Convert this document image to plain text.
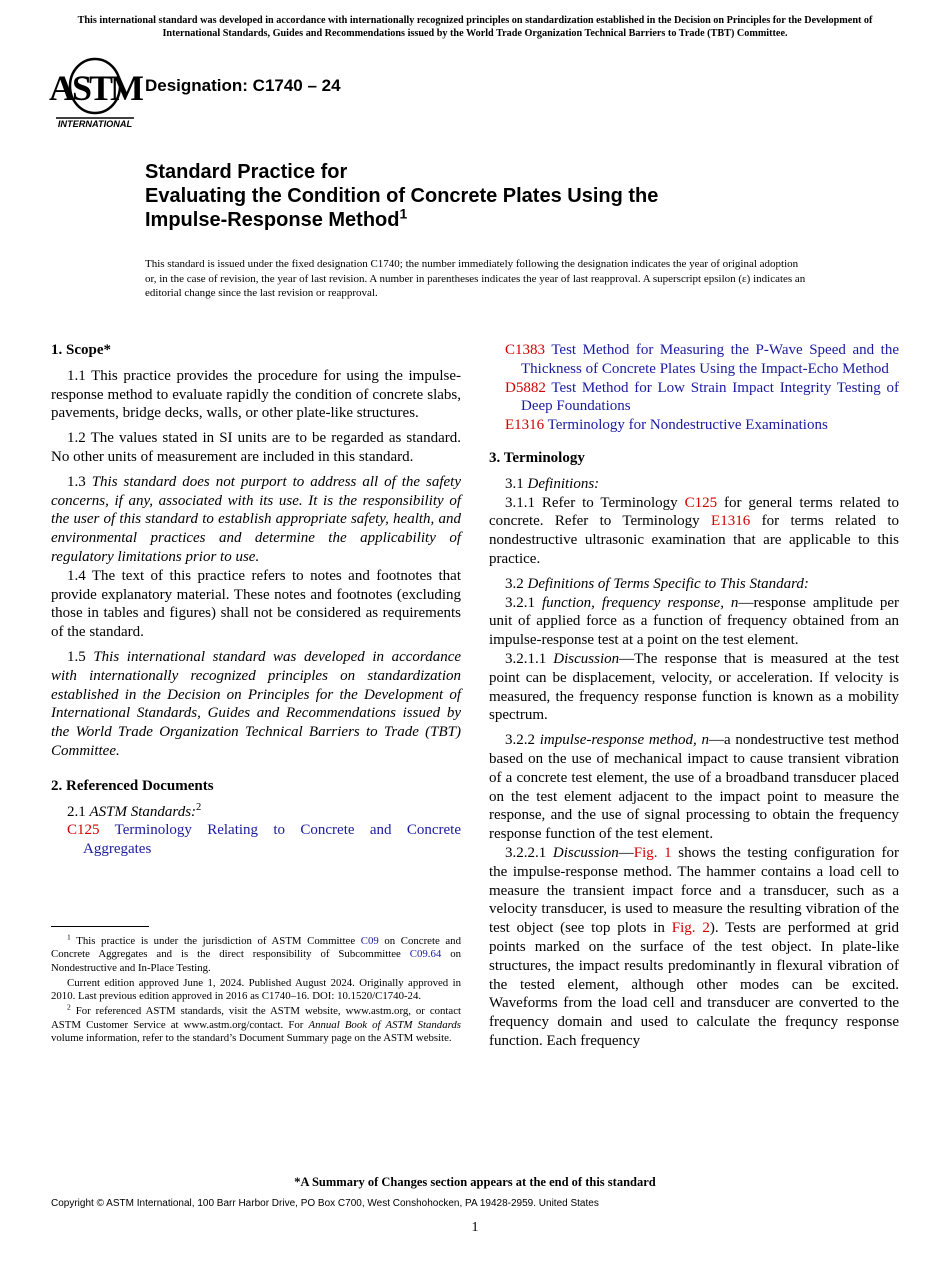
This international standard was developed in accordance with internationally recognized principles on standardization established in the Decision on Principles for the Development of International Standards, Guides and Recommendations issued by the World Trade Organization Technical Barriers to Trade (TBT) Committee.
ASTM
INTERNATIONAL
Designation: C1740 – 24
Standard Practice for
Evaluating the Condition of Concrete Plates Using the
Impulse-Response Method$^1$
This standard is issued under the fixed designation C1740; the number immediately following the designation indicates the year of original adoption or, in the case of revision, the year of last revision. A number in parentheses indicates the year of last reapproval. A superscript epsilon (ε) indicates an editorial change since the last revision or reapproval.
1. Scope*

1.1 This practice provides the procedure for using the impulse-response method to evaluate rapidly the condition of concrete slabs, pavements, bridge decks, walls, or other plate-like structures.

1.2 The values stated in SI units are to be regarded as standard. No other units of measurement are included in this standard.

1.3 This standard does not purport to address all of the safety concerns, if any, associated with its use. It is the responsibility of the user of this standard to establish appropriate safety, health, and environmental practices and determine the applicability of regulatory limitations prior to use.

1.4 The text of this practice refers to notes and footnotes that provide explanatory material. These notes and footnotes (excluding those in tables and figures) shall not be considered as requirements of the standard.

1.5 This international standard was developed in accordance with internationally recognized principles on standardization established in the Decision on Principles for the Development of International Standards, Guides and Recommendations issued by the World Trade Organization Technical Barriers to Trade (TBT) Committee.

2. Referenced Documents

2.1 ASTM Standards:$^2$

C125 Terminology Relating to Concrete and Concrete Aggregates

C1383 Test Method for Measuring the P-Wave Speed and the Thickness of Concrete Plates Using the Impact-Echo Method

D5882 Test Method for Low Strain Impact Integrity Testing of Deep Foundations

E1316 Terminology for Nondestructive Examinations

3. Terminology

3.1 Definitions:

3.1.1 Refer to Terminology C125 for general terms related to concrete. Refer to Terminology E1316 for terms related to nondestructive ultrasonic examination that are applicable to this practice.

3.2 Definitions of Terms Specific to This Standard:

3.2.1 function, frequency response, n—response amplitude per unit of applied force as a function of frequency obtained from an impulse-response test at a point on the test element.

3.2.1.1 Discussion—The response that is measured at the test point can be displacement, velocity, or acceleration. If velocity is measured, the frequency response function is known as a mobility spectrum.

3.2.2 impulse-response method, n—a nondestructive test method based on the use of mechanical impact to cause transient vibration of a concrete test element, the use of a broadband transducer placed on the test element adjacent to the impact point to measure the response, and the use of signal processing to obtain the frequency response function of the test element.

3.2.2.1 Discussion—Fig. 1 shows the testing configuration for the impulse-response method. The hammer contains a load cell to measure the transient impact force and a transducer, such as a velocity transducer, is used to measure the resulting vibration of the test object (see top plots in Fig. 2). Tests are performed at grid points marked on the surface of the test object. In plate-like structures, the impact results predominantly in flexural vibration of the tested element, although other modes can be excited. Waveforms from the load cell and transducer are converted to the frequency domain and used to calculate the frequncy response function. Each frequency

$^1$ This practice is under the jurisdiction of ASTM Committee C09 on Concrete and Concrete Aggregates and is the direct responsibility of Subcommittee C09.64 on Nondestructive and In-Place Testing.

Current edition approved June 1, 2024. Published August 2024. Originally approved in 2010. Last previous edition approved in 2016 as C1740–16. DOI: 10.1520/C1740-24.

$^2$ For referenced ASTM standards, visit the ASTM website, www.astm.org, or contact ASTM Customer Service at www.astm.org/contact. For Annual Book of ASTM Standards volume information, refer to the standard’s Document Summary page on the ASTM website.

*A Summary of Changes section appears at the end of this standard
Copyright © ASTM International, 100 Barr Harbor Drive, PO Box C700, West Conshohocken, PA 19428-2959. United States
1
